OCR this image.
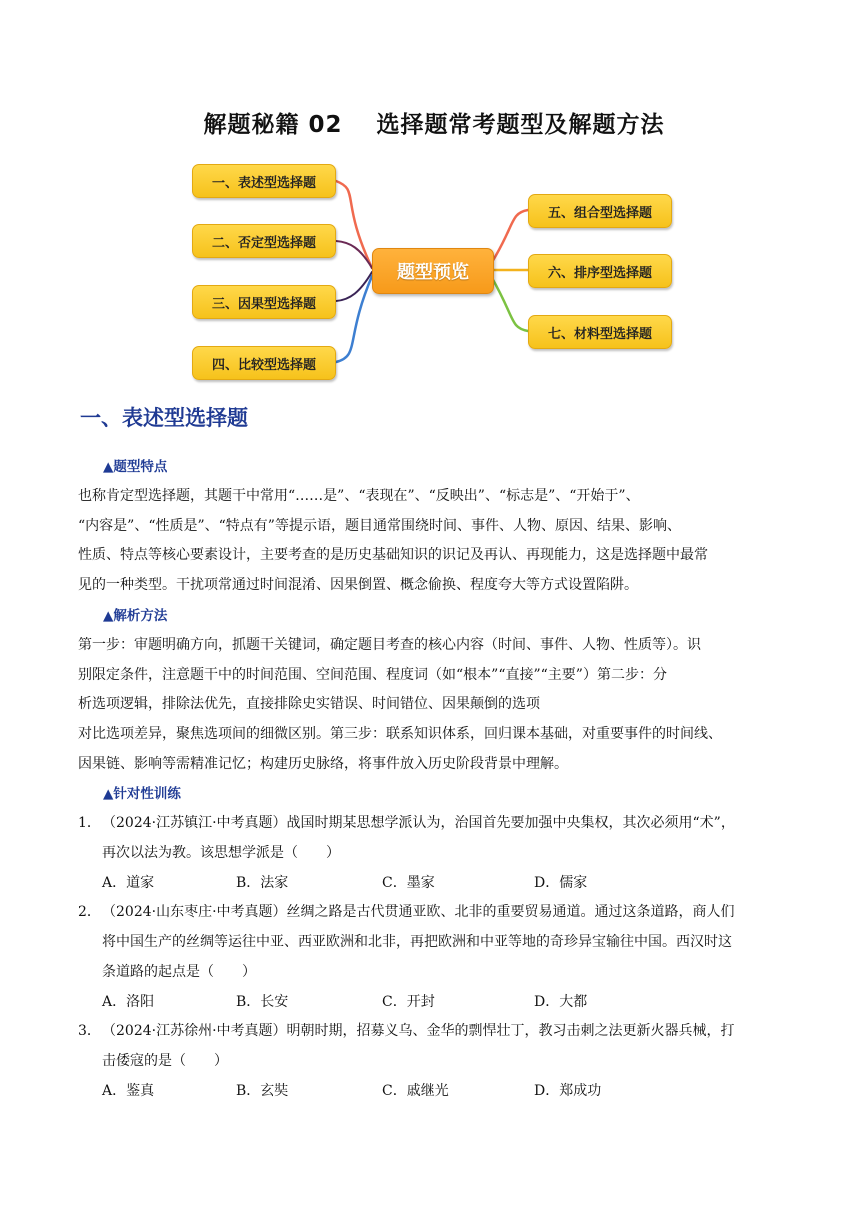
解题秘籍 02 选择题常考题型及解题方法
一、表述型选择题
二、否定型选择题
三、因果型选择题
四、比较型选择题
题型预览
五、组合型选择题
六、排序型选择题
七、材料型选择题
一、表述型选择题
▲题型特点
也称肯定型选择题，其题干中常用“……是”、“表现在”、“反映出”、“标志是”、“开始于”、
“内容是”、“性质是”、“特点有”等提示语，题目通常围绕时间、事件、人物、原因、结果、影响、
性质、特点等核心要素设计，主要考查的是历史基础知识的识记及再认、再现能力，这是选择题中最常
见的一种类型。干扰项常通过时间混淆、因果倒置、概念偷换、程度夸大等方式设置陷阱。
▲解析方法
第一步：审题明确方向，抓题干关键词，确定题目考查的核心内容（时间、事件、人物、性质等）。识
别限定条件，注意题干中的时间范围、空间范围、程度词（如“根本”“直接”“主要”）第二步：分
析选项逻辑，排除法优先，直接排除史实错误、时间错位、因果颠倒的选项
对比选项差异，聚焦选项间的细微区别。第三步：联系知识体系，回归课本基础，对重要事件的时间线、
因果链、影响等需精准记忆；构建历史脉络，将事件放入历史阶段背景中理解。
▲针对性训练
1． （2024·江苏镇江·中考真题）战国时期某思想学派认为，治国首先要加强中央集权，其次必须用“术”，
再次以法为教。该思想学派是（　　）
A．道家	B．法家	C．墨家	D．儒家
2． （2024·山东枣庄·中考真题）丝绸之路是古代贯通亚欧、北非的重要贸易通道。通过这条道路，商人们
将中国生产的丝绸等运往中亚、西亚欧洲和北非，再把欧洲和中亚等地的奇珍异宝输往中国。西汉时这
条道路的起点是（　　）
A．洛阳	B．长安	C．开封	D．大都
3． （2024·江苏徐州·中考真题）明朝时期，招募义乌、金华的剽悍壮丁，教习击刺之法更新火器兵械，打
击倭寇的是（　　）
A．鉴真	B．玄奘	C．戚继光	D．郑成功
